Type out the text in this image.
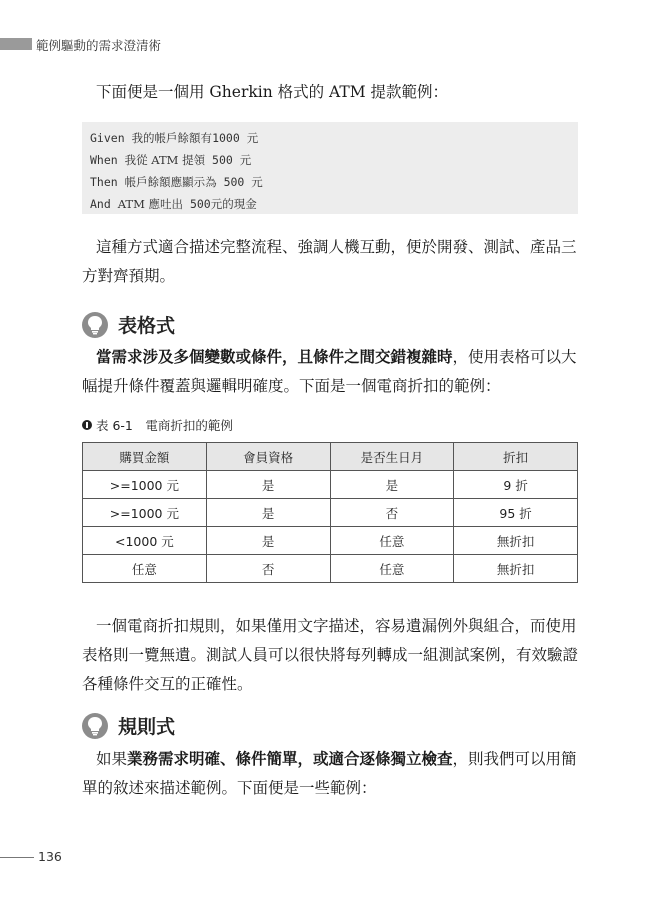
範例驅動的需求澄清術
下面便是一個用 Gherkin 格式的 ATM 提款範例：
Given 我的帳戶餘額有1000 元
When 我從 ATM 提領 500 元
Then 帳戶餘額應顯示為 500 元
And ATM 應吐出 500元的現金
這種方式適合描述完整流程、強調人機互動，便於開發、測試、產品三方對齊預期。
表格式
當需求涉及多個變數或條件，且條件之間交錯複雜時，使用表格可以大幅提升條件覆蓋與邏輯明確度。下面是一個電商折扣的範例：
表 6-1　電商折扣的範例
購買金額	會員資格	是否生日月	折扣
>=1000 元	是	是	9 折
>=1000 元	是	否	95 折
<1000 元	是	任意	無折扣
任意	否	任意	無折扣
一個電商折扣規則，如果僅用文字描述，容易遺漏例外與組合，而使用表格則一覽無遺。測試人員可以很快將每列轉成一組測試案例，有效驗證各種條件交互的正確性。
規則式
如果業務需求明確、條件簡單，或適合逐條獨立檢查，則我們可以用簡單的敘述來描述範例。下面便是一些範例：
136
